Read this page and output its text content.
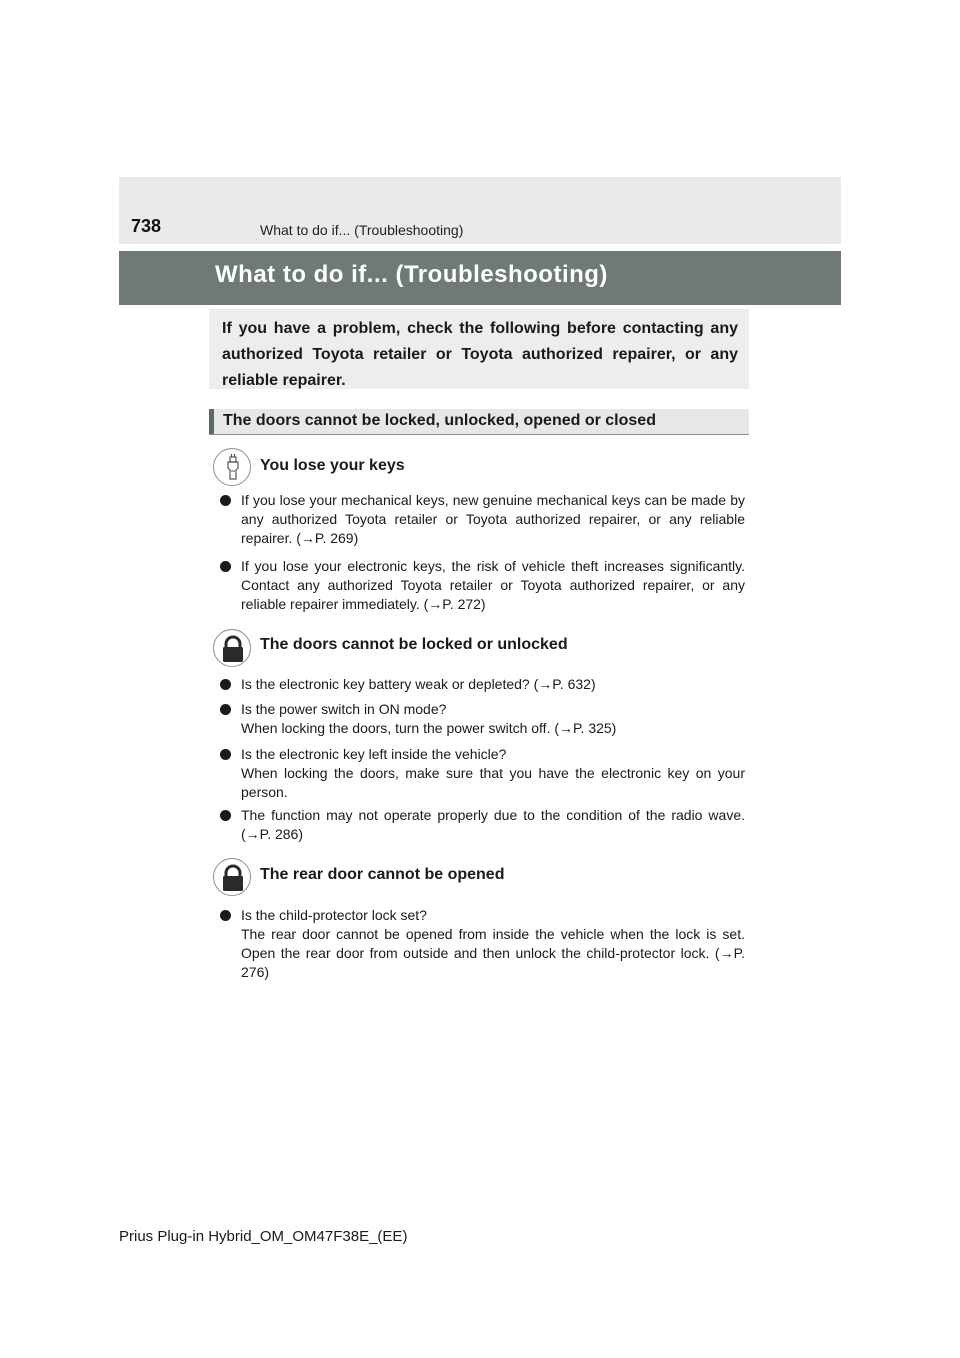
738	What to do if... (Troubleshooting)
What to do if... (Troubleshooting)
If you have a problem, check the following before contacting any authorized Toyota retailer or Toyota authorized repairer, or any reliable repairer.
The doors cannot be locked, unlocked, opened or closed
You lose your keys
If you lose your mechanical keys, new genuine mechanical keys can be made by any authorized Toyota retailer or Toyota authorized repairer, or any reliable repairer. (→P. 269)
If you lose your electronic keys, the risk of vehicle theft increases significantly. Contact any authorized Toyota retailer or Toyota authorized repairer, or any reliable repairer immediately. (→P. 272)
The doors cannot be locked or unlocked
Is the electronic key battery weak or depleted? (→P. 632)
Is the power switch in ON mode?
When locking the doors, turn the power switch off. (→P. 325)
Is the electronic key left inside the vehicle?
When locking the doors, make sure that you have the electronic key on your person.
The function may not operate properly due to the condition of the radio wave. (→P. 286)
The rear door cannot be opened
Is the child-protector lock set?
The rear door cannot be opened from inside the vehicle when the lock is set. Open the rear door from outside and then unlock the child-protector lock. (→P. 276)
Prius Plug-in Hybrid_OM_OM47F38E_(EE)
